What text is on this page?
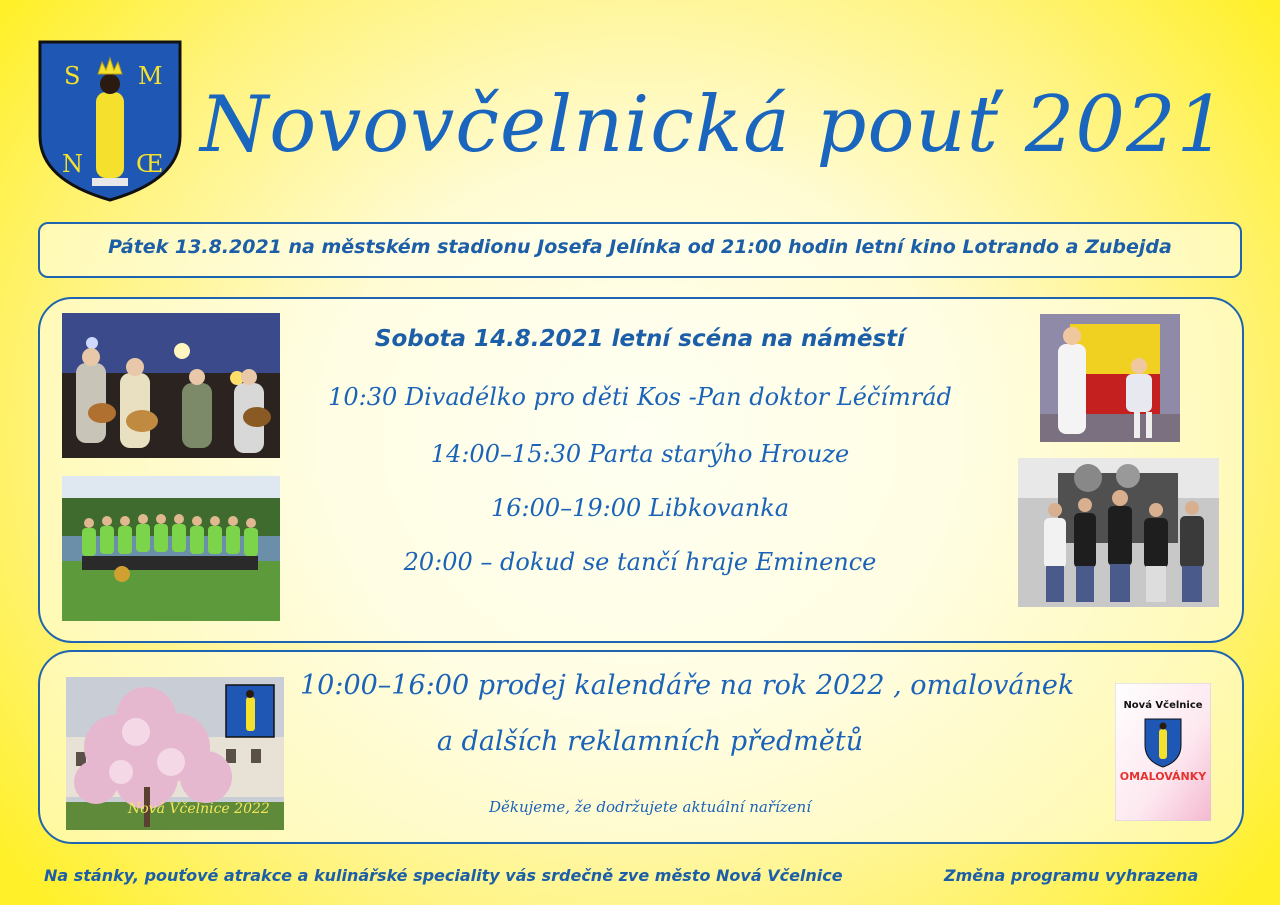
S M
N Œ Novovčelnická pouť 2021
Pátek 13.8.2021 na městském stadionu Josefa Jelínka od 21:00 hodin letní kino Lotrando a Zubejda
Sobota 14.8.2021 letní scéna na náměstí
10:30 Divadélko pro děti Kos -Pan doktor Léčímrád
14:00–15:30 Parta starýho Hrouze
16:00–19:00 Libkovanka
20:00 – dokud se tančí hraje Eminence
10:00–16:00 prodej kalendáře na rok 2022 , omalovánek
a dalších reklamních předmětů
Děkujeme, že dodržujete aktuální nařízení
Nová Včelnice 2022
Nová Včelnice
OMALOVÁNKY
Na stánky, pouťové atrakce a kulinářské speciality vás srdečně zve město Nová Včelnice	Změna programu vyhrazena
